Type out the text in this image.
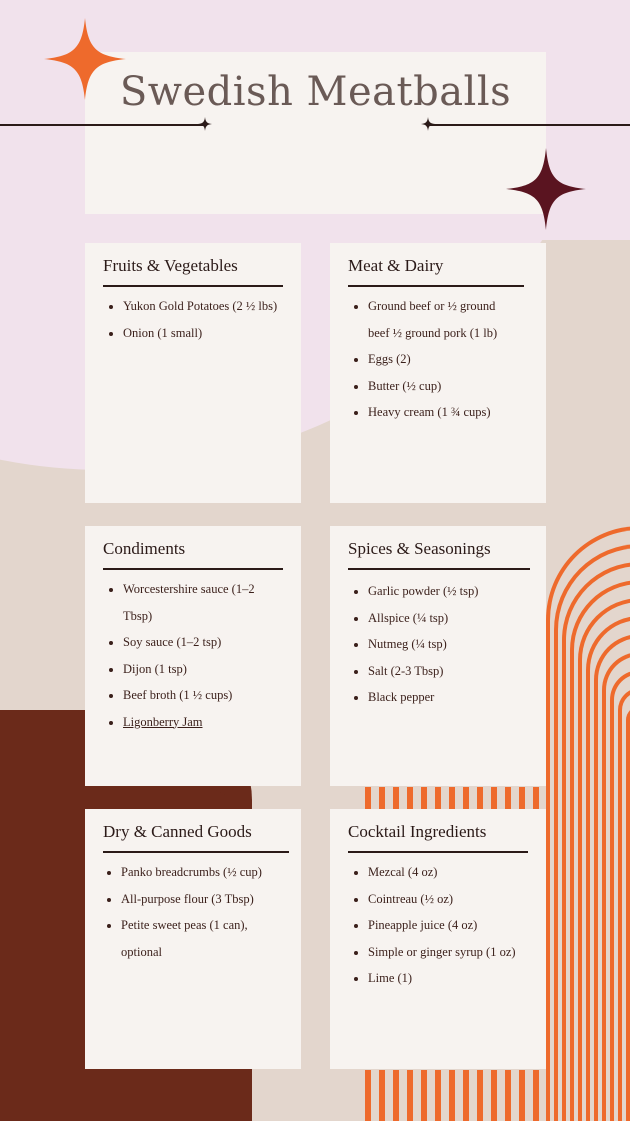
Swedish Meatballs
Fruits & Vegetables
• Yukon Gold Potatoes (2 ½ lbs)
• Onion (1 small)
Meat & Dairy
• Ground beef or ½ ground beef ½ ground pork (1 lb)
• Eggs (2)
• Butter (½ cup)
• Heavy cream (1 ¾ cups)
Condiments
• Worcestershire sauce (1–2 Tbsp)
• Soy sauce (1–2 tsp)
• Dijon (1 tsp)
• Beef broth (1 ½ cups)
• Ligonberry Jam
Spices & Seasonings
• Garlic powder (½ tsp)
• Allspice (¼ tsp)
• Nutmeg (¼ tsp)
• Salt (2-3 Tbsp)
• Black pepper
Dry & Canned Goods
• Panko breadcrumbs (½ cup)
• All-purpose flour (3 Tbsp)
• Petite sweet peas (1 can), optional
Cocktail Ingredients
• Mezcal (4 oz)
• Cointreau (½ oz)
• Pineapple juice (4 oz)
• Simple or ginger syrup (1 oz)
• Lime (1)
